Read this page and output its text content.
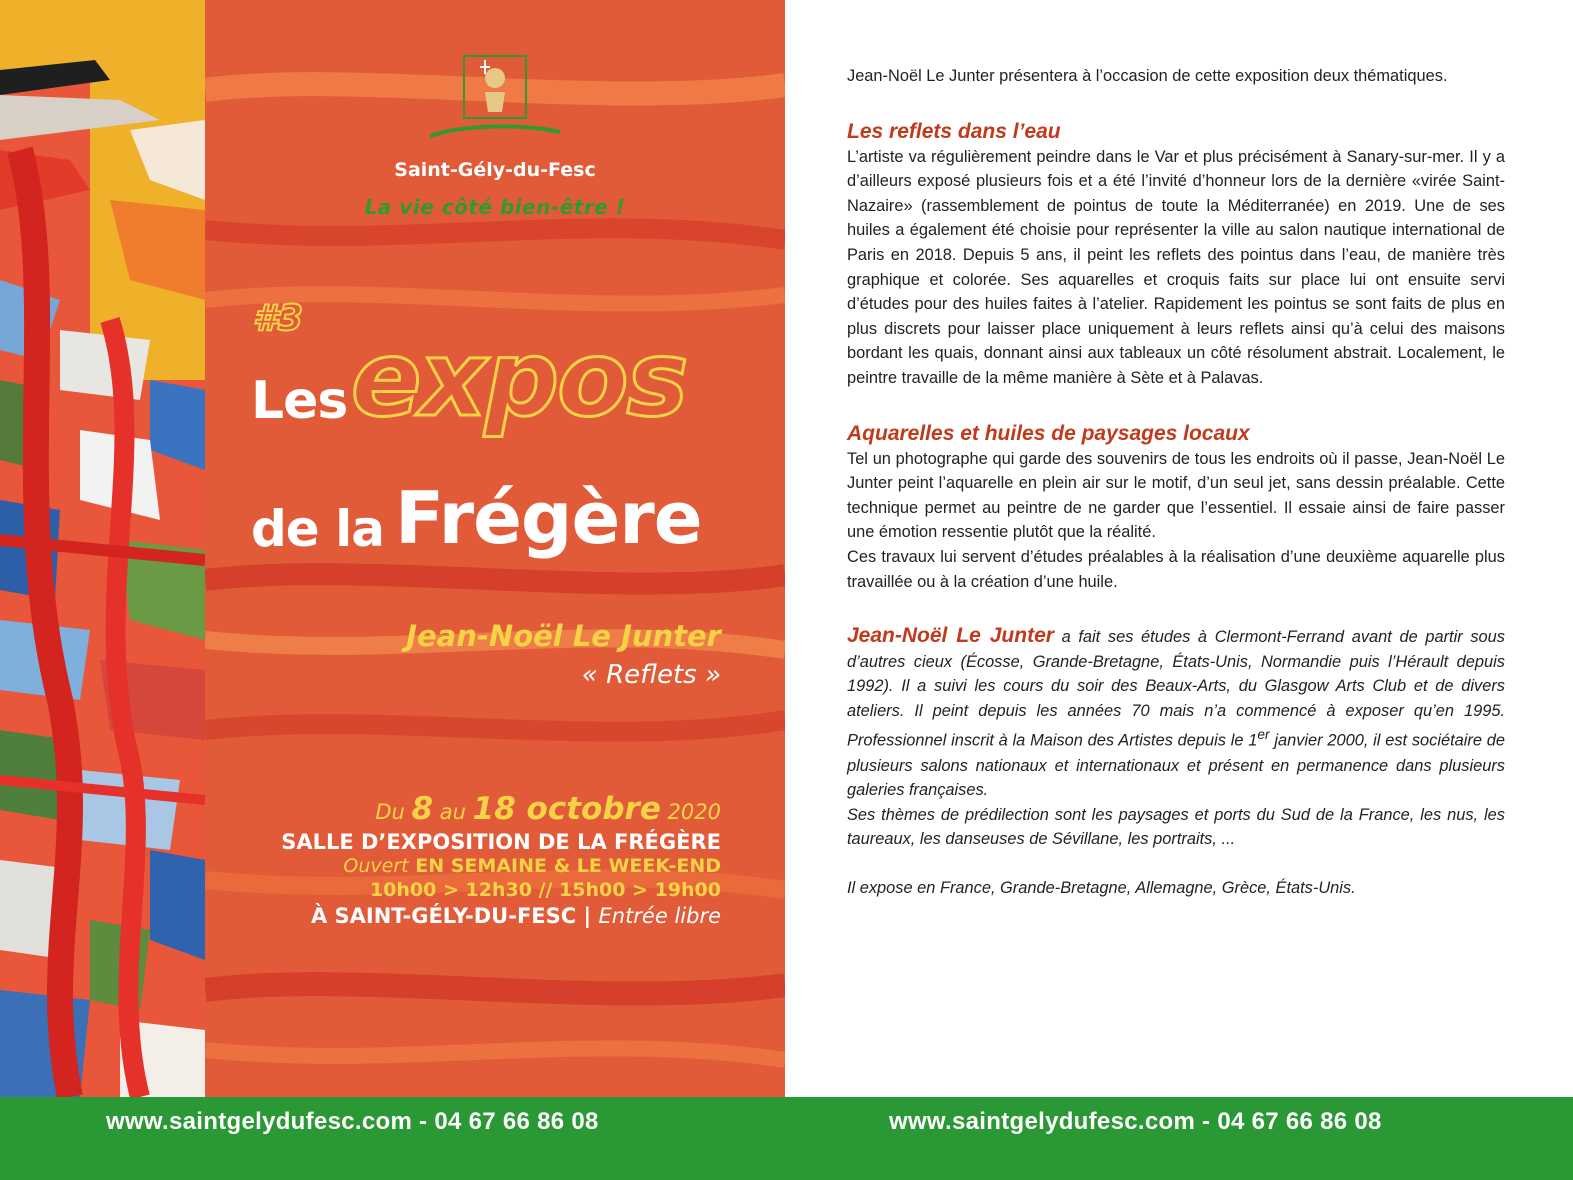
Saint-Gély-du-Fesc
La vie côté bien-être !
#3 expos
Les
de la Frégère
Jean-Noël Le Junter
« Reflets »
Du 8 au 18 octobre 2020
SALLE D’EXPOSITION DE LA FRÉGÈRE
Ouvert EN SEMAINE & LE WEEK-END
10h00 > 12h30 // 15h00 > 19h00
À SAINT-GÉLY-DU-FESC | Entrée libre

Jean-Noël Le Junter présentera à l’occasion de cette exposition deux thématiques.

Les reflets dans l’eau

L’artiste va régulièrement peindre dans le Var et plus précisément à Sanary-sur-mer. Il y a d’ailleurs exposé plusieurs fois et a été l’invité d’honneur lors de la dernière «virée Saint-Nazaire» (rassemblement de pointus de toute la Méditerranée) en 2019. Une de ses huiles a également été choisie pour représenter la ville au salon nautique international de Paris en 2018. Depuis 5 ans, il peint les reflets des pointus dans l’eau, de manière très graphique et colorée. Ses aquarelles et croquis faits sur place lui ont ensuite servi d’études pour des huiles faites à l’atelier. Rapidement les pointus se sont faits de plus en plus discrets pour laisser place uniquement à leurs reflets ainsi qu’à celui des maisons bordant les quais, donnant ainsi aux tableaux un côté résolument abstrait. Localement, le peintre travaille de la même manière à Sète et à Palavas.

Aquarelles et huiles de paysages locaux

Tel un photographe qui garde des souvenirs de tous les endroits où il passe, Jean-Noël Le Junter peint l’aquarelle en plein air sur le motif, d’un seul jet, sans dessin préalable. Cette technique permet au peintre de ne garder que l’essentiel. Il essaie ainsi de faire passer une émotion ressentie plutôt que la réalité.

Ces travaux lui servent d’études préalables à la réalisation d’une deuxième aquarelle plus travaillée ou à la création d’une huile.

Jean-Noël Le Junter a fait ses études à Clermont-Ferrand avant de partir sous d’autres cieux (Écosse, Grande-Bretagne, États-Unis, Normandie puis l’Hérault depuis 1992). Il a suivi les cours du soir des Beaux-Arts, du Glasgow Arts Club et de divers ateliers. Il peint depuis les années 70 mais n’a commencé à exposer qu’en 1995. Professionnel inscrit à la Maison des Artistes depuis le 1er janvier 2000, il est sociétaire de plusieurs salons nationaux et internationaux et présent en permanence dans plusieurs galeries françaises.

Ses thèmes de prédilection sont les paysages et ports du Sud de la France, les nus, les taureaux, les danseuses de Sévillane, les portraits, ...

Il expose en France, Grande-Bretagne, Allemagne, Grèce, États-Unis.

www.saintgelydufesc.com - 04 67 66 86 08	www.saintgelydufesc.com - 04 67 66 86 08
